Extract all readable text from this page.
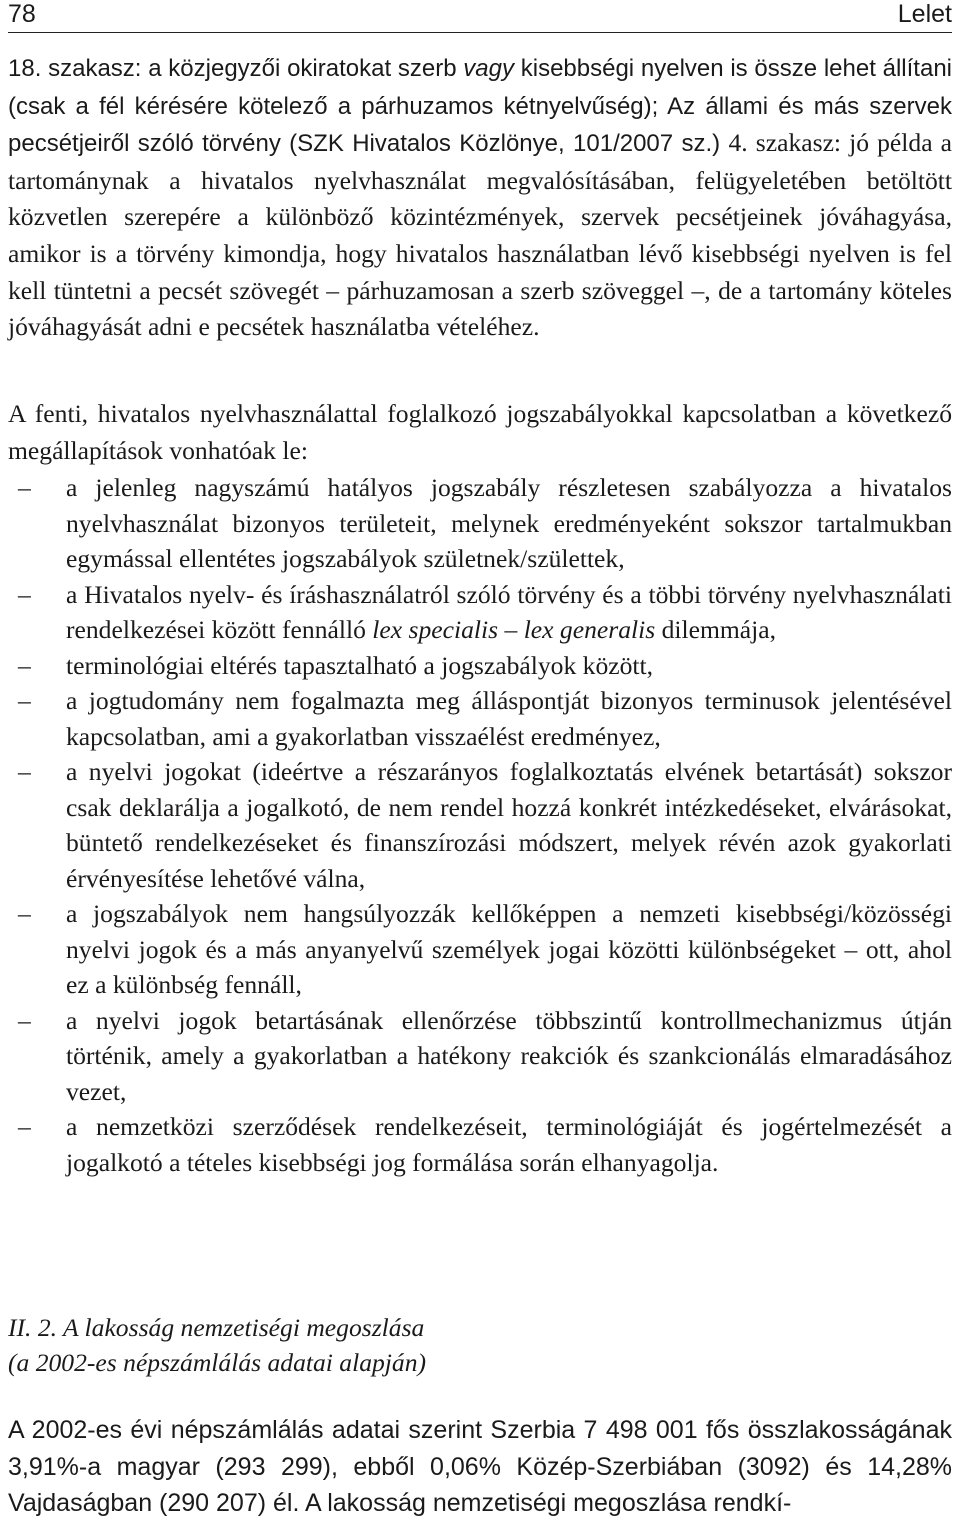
78	Lelet

18. szakasz: a közjegyzői okiratokat szerb vagy kisebbségi nyelven is össze lehet állítani (csak a fél kérésére kötelező a párhuzamos kétnyelvűség); Az állami és más szervek pecsétjeiről szóló törvény (SZK Hivatalos Közlönye, 101/2007 sz.) 4. szakasz: jó példa a tartománynak a hivatalos nyelvhasználat megvalósításában, felügyeletében betöltött közvetlen szerepére a különböző közintézmények, szervek pecsétjeinek jóváhagyása, amikor is a törvény kimondja, hogy hivatalos használatban lévő kisebbségi nyelven is fel kell tüntetni a pecsét szövegét – párhuzamosan a szerb szöveggel –, de a tartomány köteles jóváhagyását adni e pecsétek használatba vételéhez.

A fenti, hivatalos nyelvhasználattal foglalkozó jogszabályokkal kapcsolatban a következő megállapítások vonhatóak le:

– a jelenleg nagyszámú hatályos jogszabály részletesen szabályozza a hivatalos nyelvhasználat bizonyos területeit, melynek eredményeként sokszor tartalmukban egymással ellentétes jogszabályok születnek/születtek,
– a Hivatalos nyelv- és íráshasználatról szóló törvény és a többi törvény nyelvhasználati rendelkezései között fennálló lex specialis – lex generalis dilemmája,
– terminológiai eltérés tapasztalható a jogszabályok között,
– a jogtudomány nem fogalmazta meg álláspontját bizonyos terminusok jelentésével kapcsolatban, ami a gyakorlatban visszaélést eredményez,
– a nyelvi jogokat (ideértve a részarányos foglalkoztatás elvének betartását) sokszor csak deklarálja a jogalkotó, de nem rendel hozzá konkrét intézkedéseket, elvárásokat, büntető rendelkezéseket és finanszírozási módszert, melyek révén azok gyakorlati érvényesítése lehetővé válna,
– a jogszabályok nem hangsúlyozzák kellőképpen a nemzeti kisebbségi/közösségi nyelvi jogok és a más anyanyelvű személyek jogai közötti különbségeket – ott, ahol ez a különbség fennáll,
– a nyelvi jogok betartásának ellenőrzése többszintű kontrollmechanizmus útján történik, amely a gyakorlatban a hatékony reakciók és szankcionálás elmaradásához vezet,
– a nemzetközi szerződések rendelkezéseit, terminológiáját és jogértelmezését a jogalkotó a tételes kisebbségi jog formálása során elhanyagolja.
II. 2. A lakosság nemzetiségi megoszlása
(a 2002-es népszámlálás adatai alapján)

A 2002-es évi népszámlálás adatai szerint Szerbia 7 498 001 fős összlakosságának 3,91%-a magyar (293 299), ebből 0,06% Közép-Szerbiában (3092) és 14,28% Vajdaságban (290 207) él. A lakosság nemzetiségi megoszlása rendkí-
